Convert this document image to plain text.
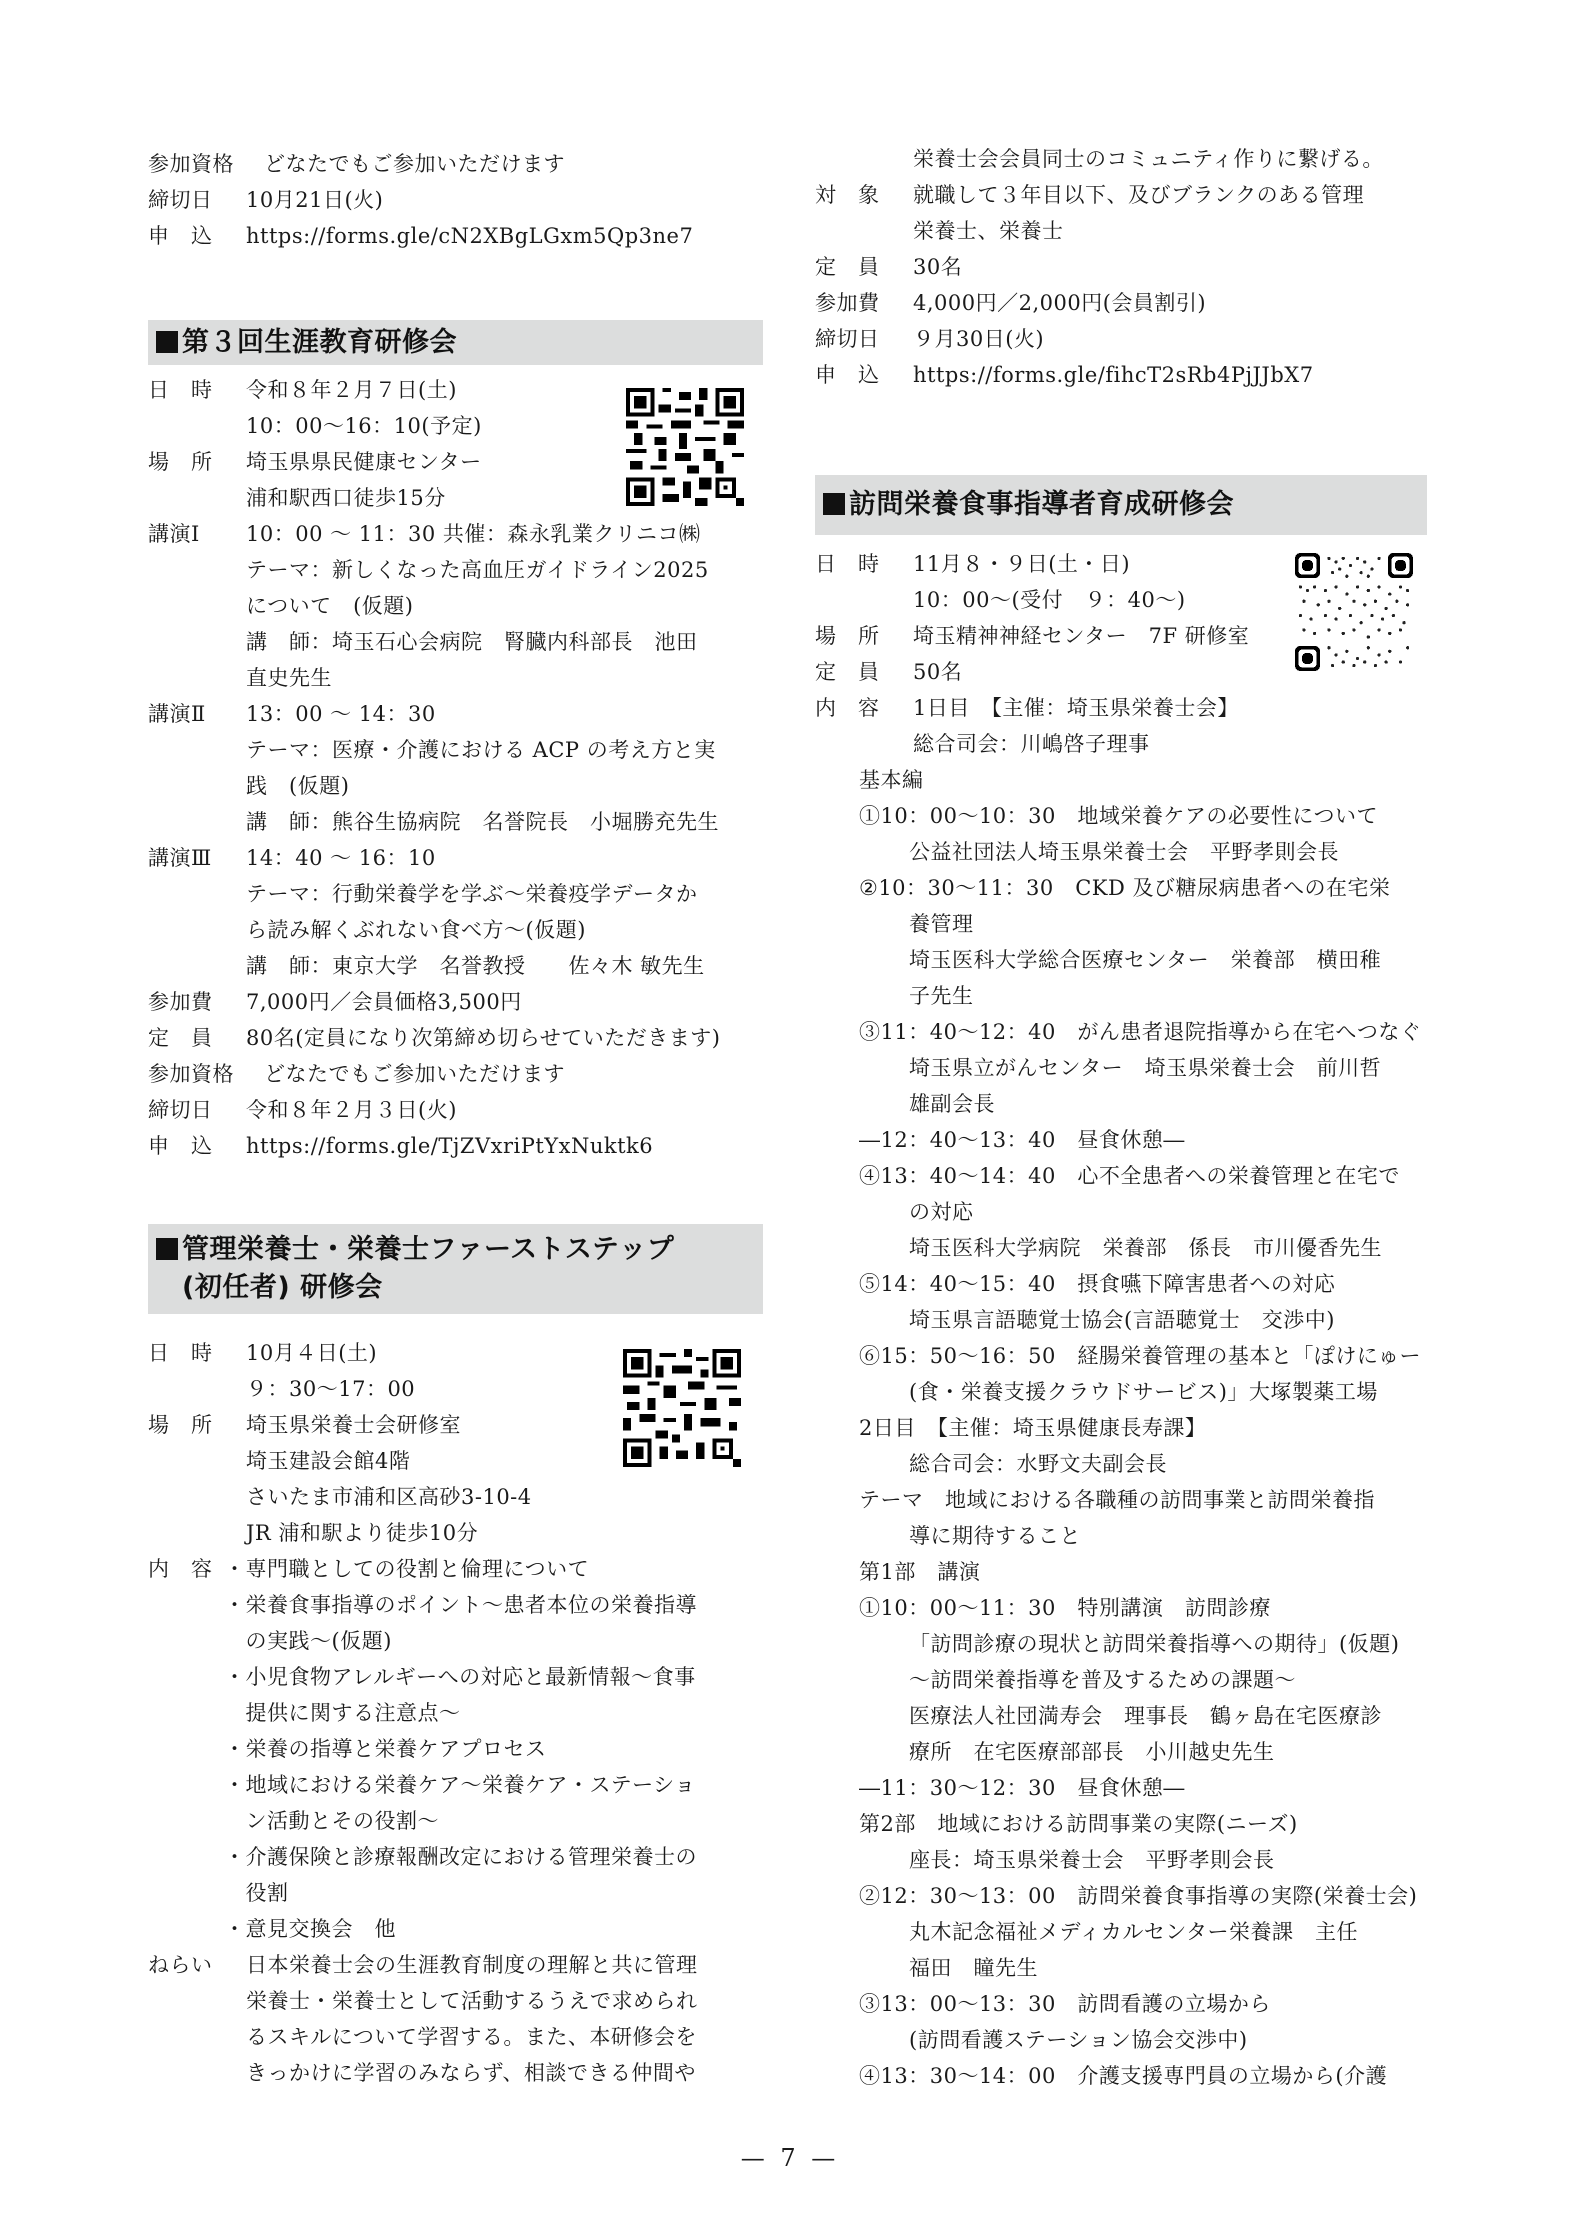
参加資格 どなたでもご参加いただけます
締切日 10月21日(火)
申　込 https://forms.gle/cN2XBgLGxm5Qp3ne7
第３回生涯教育研修会
日　時 令和８年２月７日(土)
10：00〜16：10(予定)
場　所 埼玉県県民健康センター
浦和駅西口徒歩15分
講演Ⅰ 10：00 〜 11：30 共催：森永乳業クリニコ㈱
テーマ：新しくなった高血圧ガイドライン2025
について　(仮題)
講　師：埼玉石心会病院　腎臓内科部長　池田
直史先生
講演Ⅱ 13：00 〜 14：30
テーマ：医療・介護における ACP の考え方と実
践　(仮題)
講　師：熊谷生協病院　名誉院長　小堀勝充先生
講演Ⅲ 14：40 〜 16：10
テーマ：行動栄養学を学ぶ〜栄養疫学データか
ら読み解くぶれない食べ方〜(仮題)
講　師：東京大学　名誉教授　　佐々木 敏先生
参加費 7,000円／会員価格3,500円
定　員 80名(定員になり次第締め切らせていただきます)
参加資格 どなたでもご参加いただけます
締切日 令和８年２月３日(火)
申　込 https://forms.gle/TjZVxriPtYxNuktk6
管理栄養士・栄養士ファーストステップ
(初任者) 研修会
日　時 10月４日(土)
９：30〜17：00
場　所 埼玉県栄養士会研修室
埼玉建設会館4階
さいたま市浦和区高砂3-10-4
JR 浦和駅より徒歩10分
内　容 ・専門職としての役割と倫理について
・栄養食事指導のポイント〜患者本位の栄養指導
　の実践〜(仮題)
・小児食物アレルギーへの対応と最新情報〜食事
　提供に関する注意点〜
・栄養の指導と栄養ケアプロセス
・地域における栄養ケア〜栄養ケア・ステーショ
　ン活動とその役割〜
・介護保険と診療報酬改定における管理栄養士の
　役割
・意見交換会　他
ねらい 日本栄養士会の生涯教育制度の理解と共に管理
栄養士・栄養士として活動するうえで求められ
るスキルについて学習する。また、本研修会を
きっかけに学習のみならず、相談できる仲間や
栄養士会会員同士のコミュニティ作りに繋げる。
対　象 就職して３年目以下、及びブランクのある管理
栄養士、栄養士
定　員 30名
参加費 4,000円／2,000円(会員割引)
締切日 ９月30日(火)
申　込 https://forms.gle/fihcT2sRb4PjJJbX7
訪問栄養食事指導者育成研修会
日　時 11月８・９日(土・日)
10：00〜(受付　９：40〜)
場　所 埼玉精神神経センター　7F 研修室
定　員 50名
内　容 1日目　【主催：埼玉県栄養士会】
総合司会：川嶋啓子理事
基本編
①10：00〜10：30　地域栄養ケアの必要性について
公益社団法人埼玉県栄養士会　平野孝則会長
②10：30〜11：30　CKD 及び糖尿病患者への在宅栄
養管理
埼玉医科大学総合医療センター　栄養部　横田稚
子先生
③11：40〜12：40　がん患者退院指導から在宅へつなぐ
埼玉県立がんセンター　埼玉県栄養士会　前川哲
雄副会長
―12：40〜13：40　昼食休憩―
④13：40〜14：40　心不全患者への栄養管理と在宅で
の対応
埼玉医科大学病院　栄養部　係長　市川優香先生
⑤14：40〜15：40　摂食嚥下障害患者への対応
埼玉県言語聴覚士協会(言語聴覚士　交渉中)
⑥15：50〜16：50　経腸栄養管理の基本と「ぽけにゅー
(食・栄養支援クラウドサービス)」大塚製薬工場
2日目　【主催：埼玉県健康長寿課】
総合司会：水野文夫副会長
テーマ　地域における各職種の訪問事業と訪問栄養指
導に期待すること
第1部　講演
①10：00〜11：30　特別講演　訪問診療
「訪問診療の現状と訪問栄養指導への期待」(仮題)
〜訪問栄養指導を普及するための課題〜
医療法人社団満寿会　理事長　鶴ヶ島在宅医療診
療所　在宅医療部部長　小川越史先生
―11：30〜12：30　昼食休憩―
第2部　地域における訪問事業の実際(ニーズ)
座長：埼玉県栄養士会　平野孝則会長
②12：30〜13：00　訪問栄養食事指導の実際(栄養士会)
丸木記念福祉メディカルセンター栄養課　主任
福田　瞳先生
③13：00〜13：30　訪問看護の立場から
(訪問看護ステーション協会交渉中)
④13：30〜14：00　介護支援専門員の立場から(介護
— 7 —
